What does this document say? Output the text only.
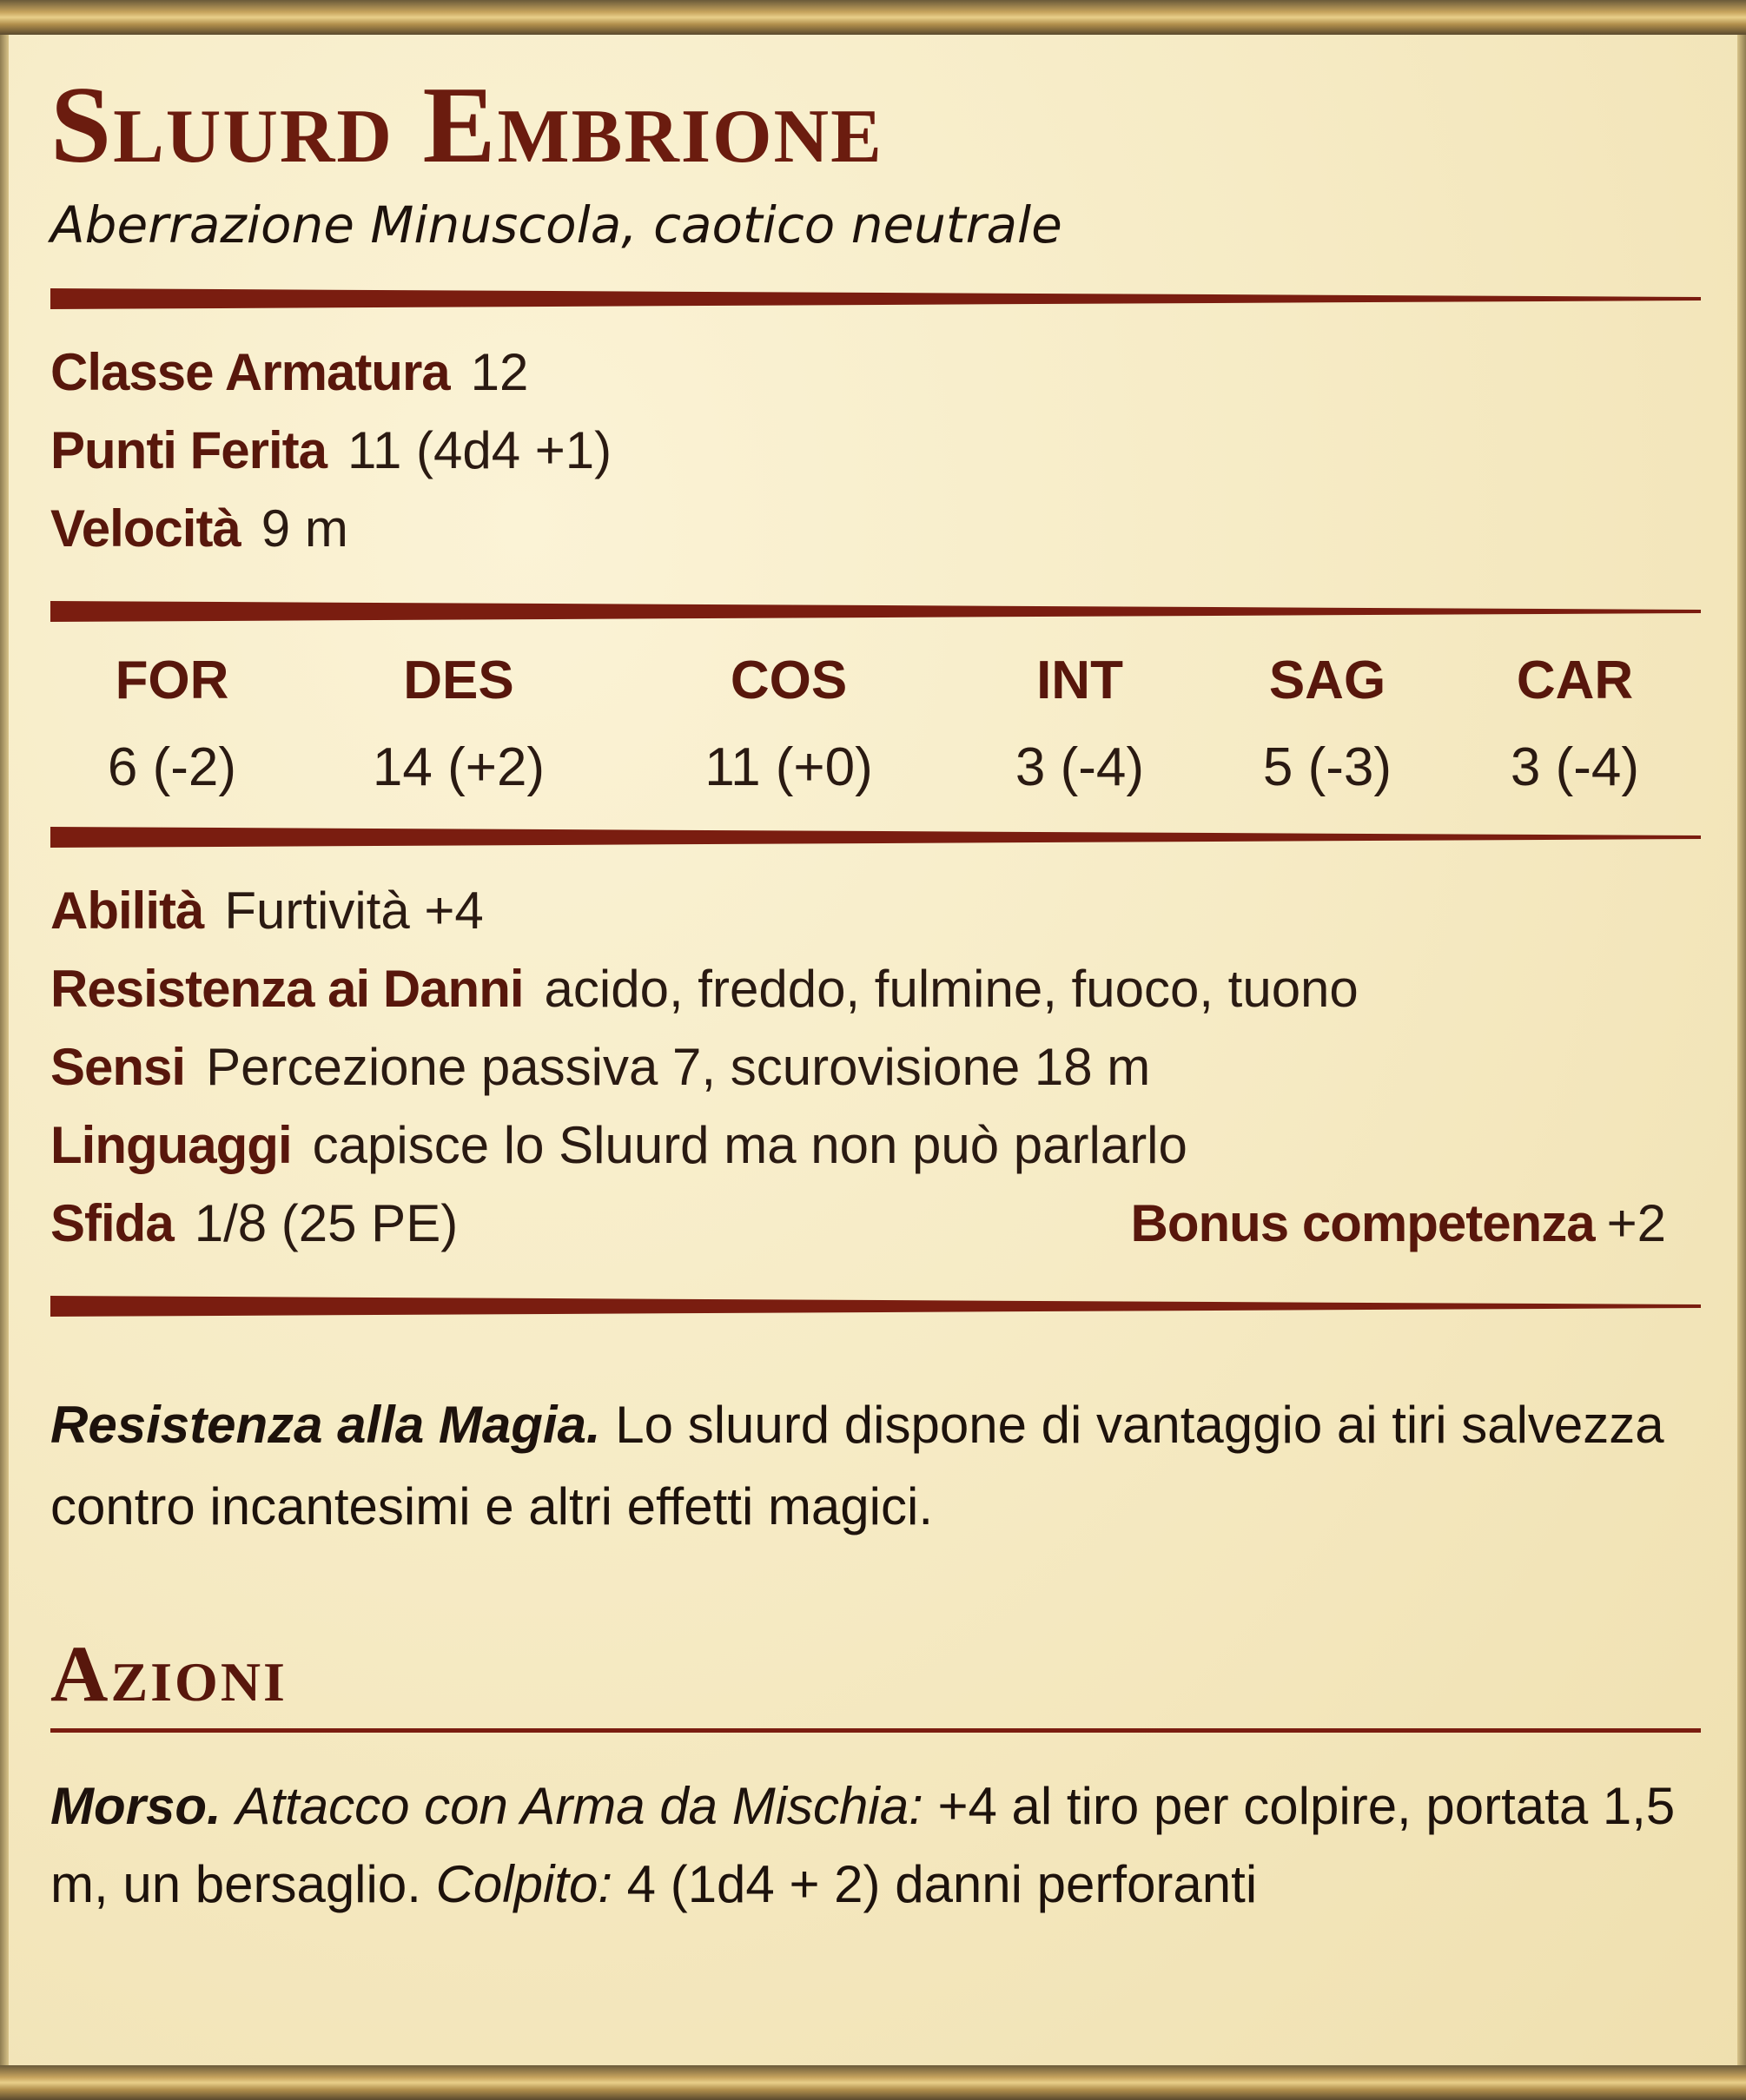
Sluurd Embrione
Aberrazione Minuscola, caotico neutrale
Classe Armatura 12
Punti Ferita 11 (4d4 +1)
Velocità 9 m
FOR
6 (-2)
DES
14 (+2)
COS
11 (+0)
INT
3 (-4)
SAG
5 (-3)
CAR
3 (-4)
Abilità Furtività +4
Resistenza ai Danni acido, freddo, fulmine, fuoco, tuono
Sensi Percezione passiva 7, scurovisione 18 m
Linguaggi capisce lo Sluurd ma non può parlarlo
Sfida 1/8 (25 PE)	Bonus competenza +2
Resistenza alla Magia. Lo sluurd dispone di vantaggio ai tiri salvezza contro incantesimi e altri effetti magici.
Azioni
Morso. Attacco con Arma da Mischia: +4 al tiro per colpire, portata 1,5 m, un bersaglio. Colpito: 4 (1d4 + 2) danni perforanti
